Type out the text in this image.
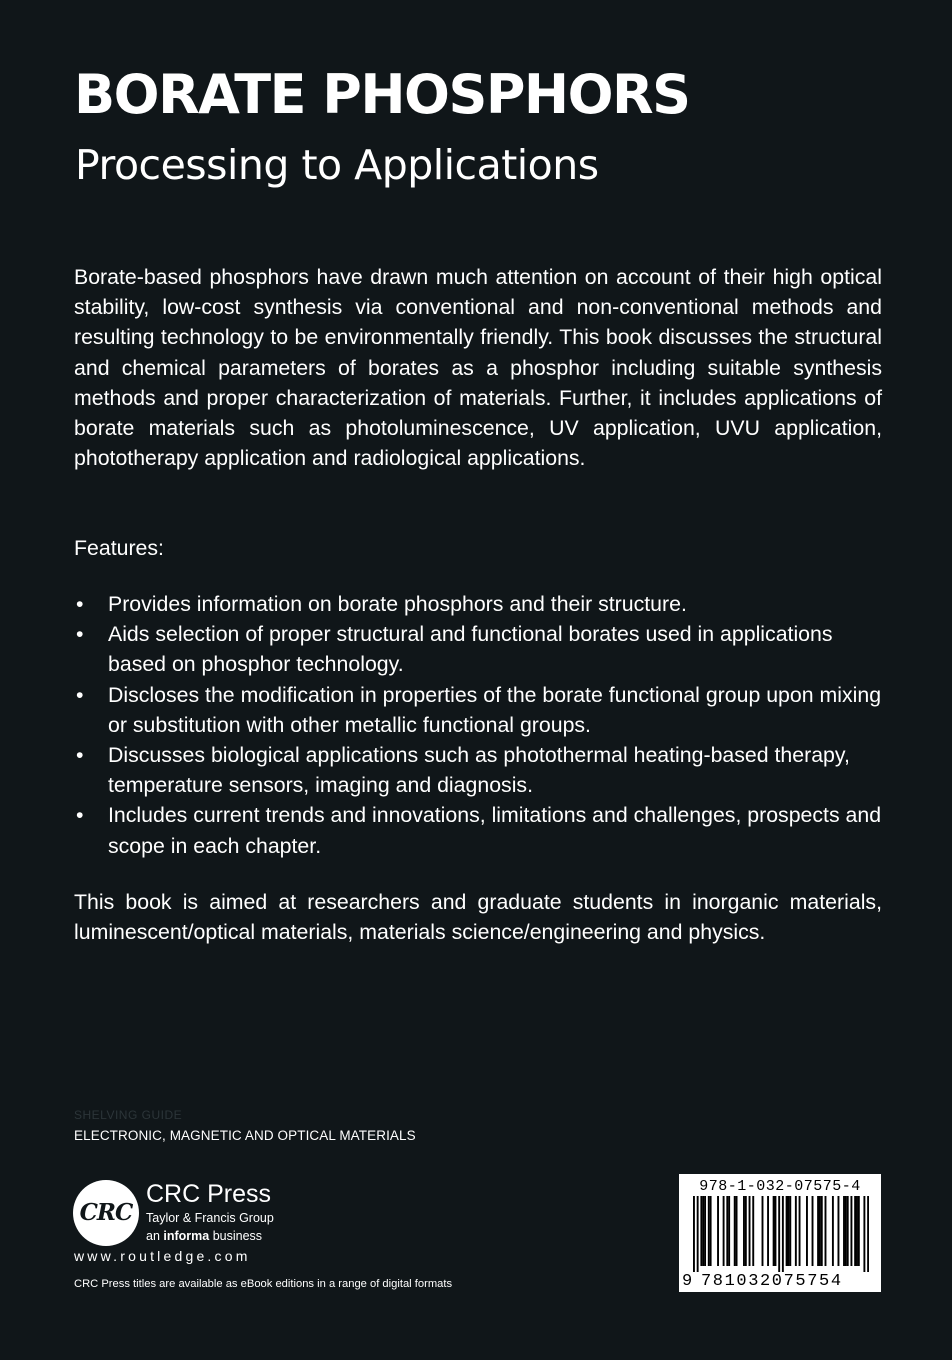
BORATE PHOSPHORS
Processing to Applications

Borate-based phosphors have drawn much attention on account of their high optical stability, low-cost synthesis via conventional and non-conventional methods and resulting technology to be environmentally friendly. This book discusses the structural and chemical parameters of borates as a phosphor including suitable synthesis methods and proper characterization of materials. Further, it includes applications of borate materials such as photoluminescence, UV application, UVU application, phototherapy application and radiological applications.

Features:
• Provides information on borate phosphors and their structure.
• Aids selection of proper structural and functional borates used in applications based on phosphor technology.
• Discloses the modification in properties of the borate functional group upon mixing or substitution with other metallic functional groups.
• Discusses biological applications such as photothermal heating-based therapy, temperature sensors, imaging and diagnosis.
• Includes current trends and innovations, limitations and challenges, prospects and scope in each chapter.

This book is aimed at researchers and graduate students in inorganic materials, luminescent/optical materials, materials science/engineering and physics.

SHELVING GUIDE
ELECTRONIC, MAGNETIC AND OPTICAL MATERIALS
CRC
CRC Press
Taylor & Francis Group
an informa business
www.routledge.com
CRC Press titles are available as eBook editions in a range of digital formats
978-1-032-07575-4
9 781032075754
